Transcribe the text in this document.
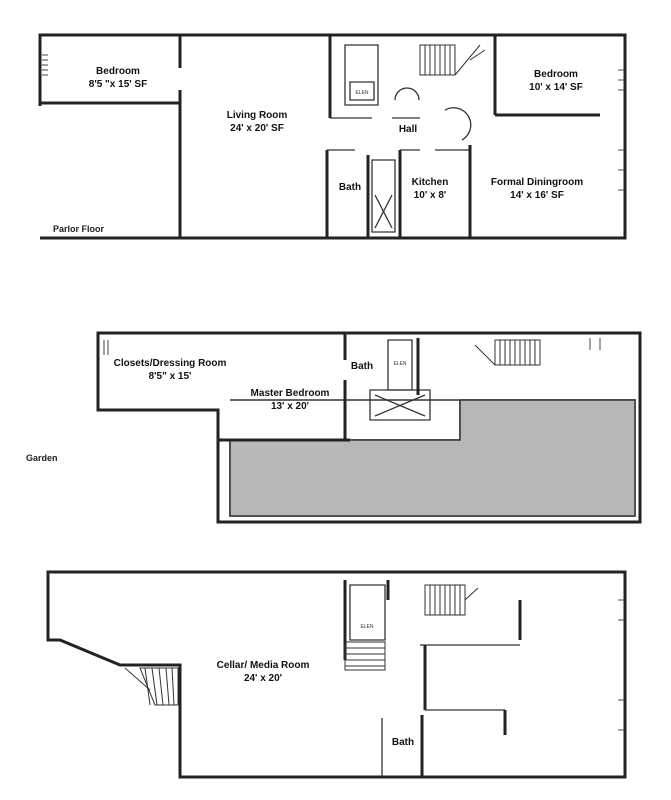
ELEN
Bedroom
8'5 "x 15' SF
Living Room
24' x 20' SF
Bedroom
10' x 14' SF
Hall
Bath	Kitchen
10' x 8'
Formal Diningroom
14' x 16' SF
Parlor Floor
ELEN
Closets/Dressing Room
8'5" x 15'
Bath
Master Bedroom
13' x 20'
Garden
ELEN
Cellar/ Media Room
24' x 20'
Bath
